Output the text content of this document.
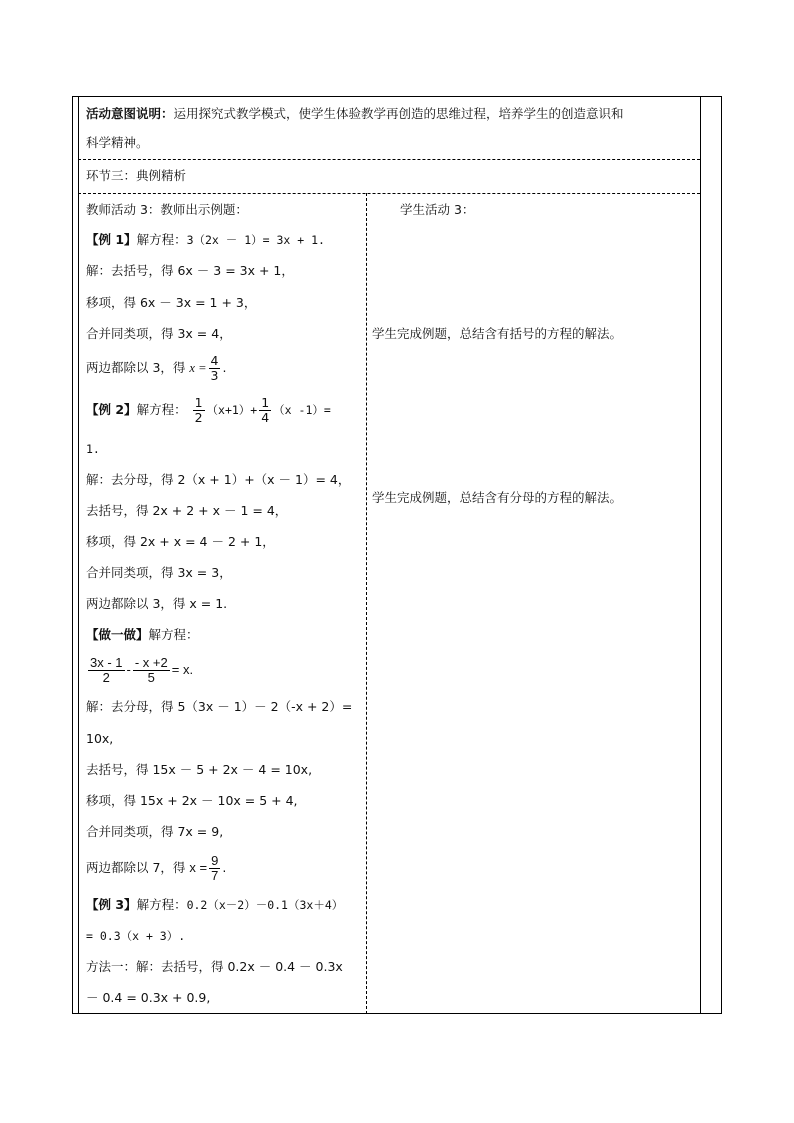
活动意图说明：运用探究式教学模式，使学生体验教学再创造的思维过程，培养学生的创造意识和
科学精神。
环节三：典例精析
教师活动 3：教师出示例题：
【例 1】解方程：3（2x － 1）= 3x + 1.
解：去括号，得 6x － 3 = 3x + 1，
移项，得 6x － 3x = 1 + 3，
合并同类项，得 3x = 4，
两边都除以 3，得 $x = \frac{4}{3}$ .
【例 2】解方程： $\frac{1}{2} (x+1)+ \frac{1}{4} (x$ -1）=
1.
解：去分母，得 2（x + 1）+（x － 1）= 4，
去括号，得 2x + 2 + x － 1 = 4，
移项，得 2x + x = 4 － 2 + 1，
合并同类项，得 3x = 3，
两边都除以 3，得 x = 1.
【做一做】解方程：
$\frac{3x - 1}{2} - \frac{- x +2}{5} = x$.
解：去分母，得 5（3x － 1）－ 2（-x + 2）=
10x,
去括号，得 15x － 5 + 2x － 4 = 10x,
移项，得 15x + 2x － 10x = 5 + 4,
合并同类项，得 7x = 9,
两边都除以 7，得 $x = \frac{9}{7}$ .
【例 3】解方程：0.2（x－2）－0.1（3x＋4）
= 0.3（x + 3）.
方法一：解：去括号，得 0.2x － 0.4 － 0.3x
－ 0.4 = 0.3x + 0.9,
学生活动 3：
学生完成例题，总结含有括号的方程的解法。
学生完成例题，总结含有分母的方程的解法。
